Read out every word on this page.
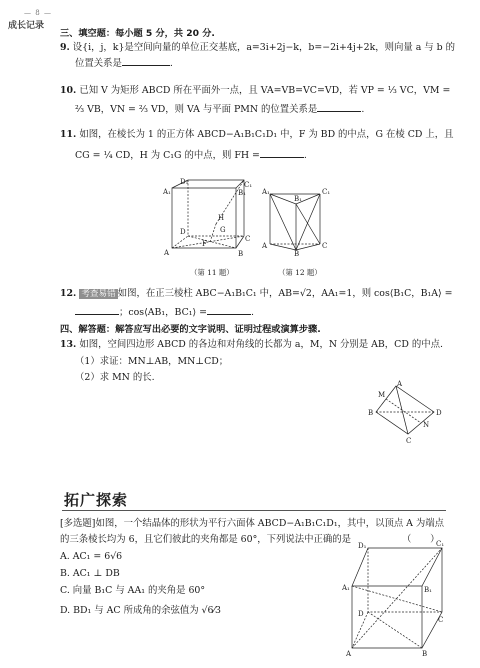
— 8 —
成长记录
三、填空题：每小题 5 分，共 20 分.
9. 设{i，j，k}是空间向量的单位正交基底，a=3i+2j−k，b=−2i+4j+2k，则向量 a 与 b 的
位置关系是	.
10. 已知 V 为矩形 ABCD 所在平面外一点，且 VA=VB=VC=VD，若 VP = ⅓ VC，VM =
⅔ VB，VN = ⅔ VD，则 VA 与平面 PMN 的位置关系是	.
11. 如图，在棱长为 1 的正方体 ABCD−A₁B₁C₁D₁ 中，F 为 BD 的中点，G 在棱 CD 上，且
CG = ¼ CD，H 为 C₁G 的中点，则 FH =	.
D₁	C₁
A₁	B₁
H
D	G
C
F
A	B
（第 11 题）
A₁	C₁
B₁
A	C
B
（第 12 题）
12. 考查易错 如图，在正三棱柱 ABC−A₁B₁C₁ 中，AB=√2，AA₁=1，则 cos⟨B₁C，B₁A⟩ =
；cos⟨AB₁，BC₁⟩ =	.
四、解答题：解答应写出必要的文字说明、证明过程或演算步骤.
13. 如图，空间四边形 ABCD 的各边和对角线的长都为 a，M，N 分别是 AB，CD 的中点.
（1）求证：MN⊥AB，MN⊥CD；
（2）求 MN 的长.
A
M
B	D
N
C
拓广探索
[多选题]如图，一个结晶体的形状为平行六面体 ABCD−A₁B₁C₁D₁，其中，以顶点 A 为端点
的三条棱长均为 6，且它们彼此的夹角都是 60°，下列说法中正确的是	（　　）
A. AC₁ = 6√6
B. AC₁ ⊥ DB
C. 向量 B₁C 与 AA₁ 的夹角是 60°
D. BD₁ 与 AC 所成角的余弦值为 √6⁄3
D₁	C₁
A₁	B₁
D
C
A	B
